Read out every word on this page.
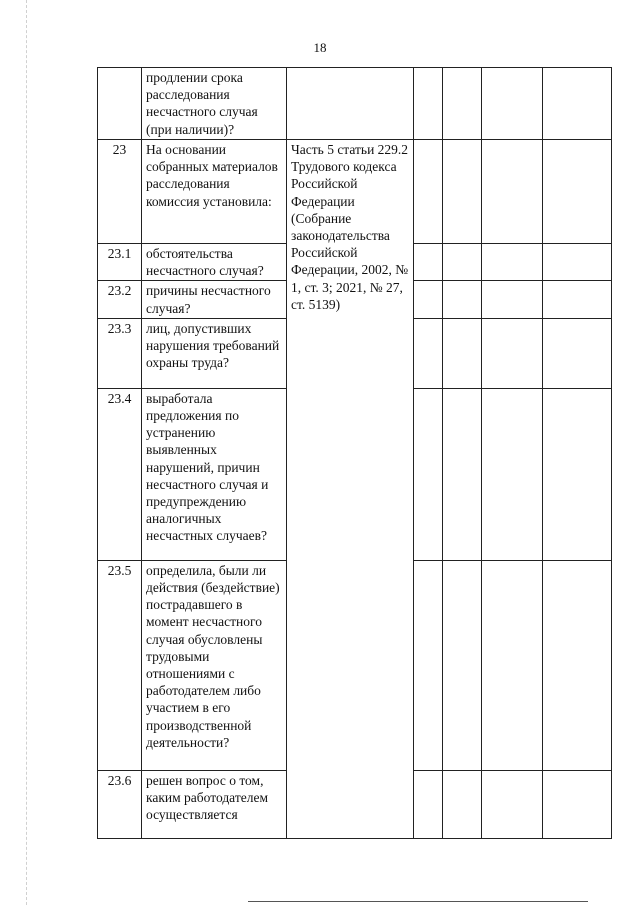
18
	продлении срока расследования несчастного случая (при наличии)?					
23	На основании собранных материалов расследования комиссия установила:	Часть 5 статьи 229.2 Трудового кодекса Российской Федерации (Собрание законодательства Российской Федерации, 2002, № 1, ст. 3; 2021, № 27, ст. 5139)				
23.1	обстоятельства несчастного случая?					
23.2	причины несчастного случая?					
23.3	лиц, допустивших нарушения требований охраны труда?					
23.4	выработала предложения по устранению выявленных нарушений, причин несчастного случая и предупреждению аналогичных несчастных случаев?					
23.5	определила, были ли действия (бездействие) пострадавшего в момент несчастного случая обусловлены трудовыми отношениями с работодателем либо участием в его производственной деятельности?					
23.6	решен вопрос о том, каким работодателем осуществляется					
